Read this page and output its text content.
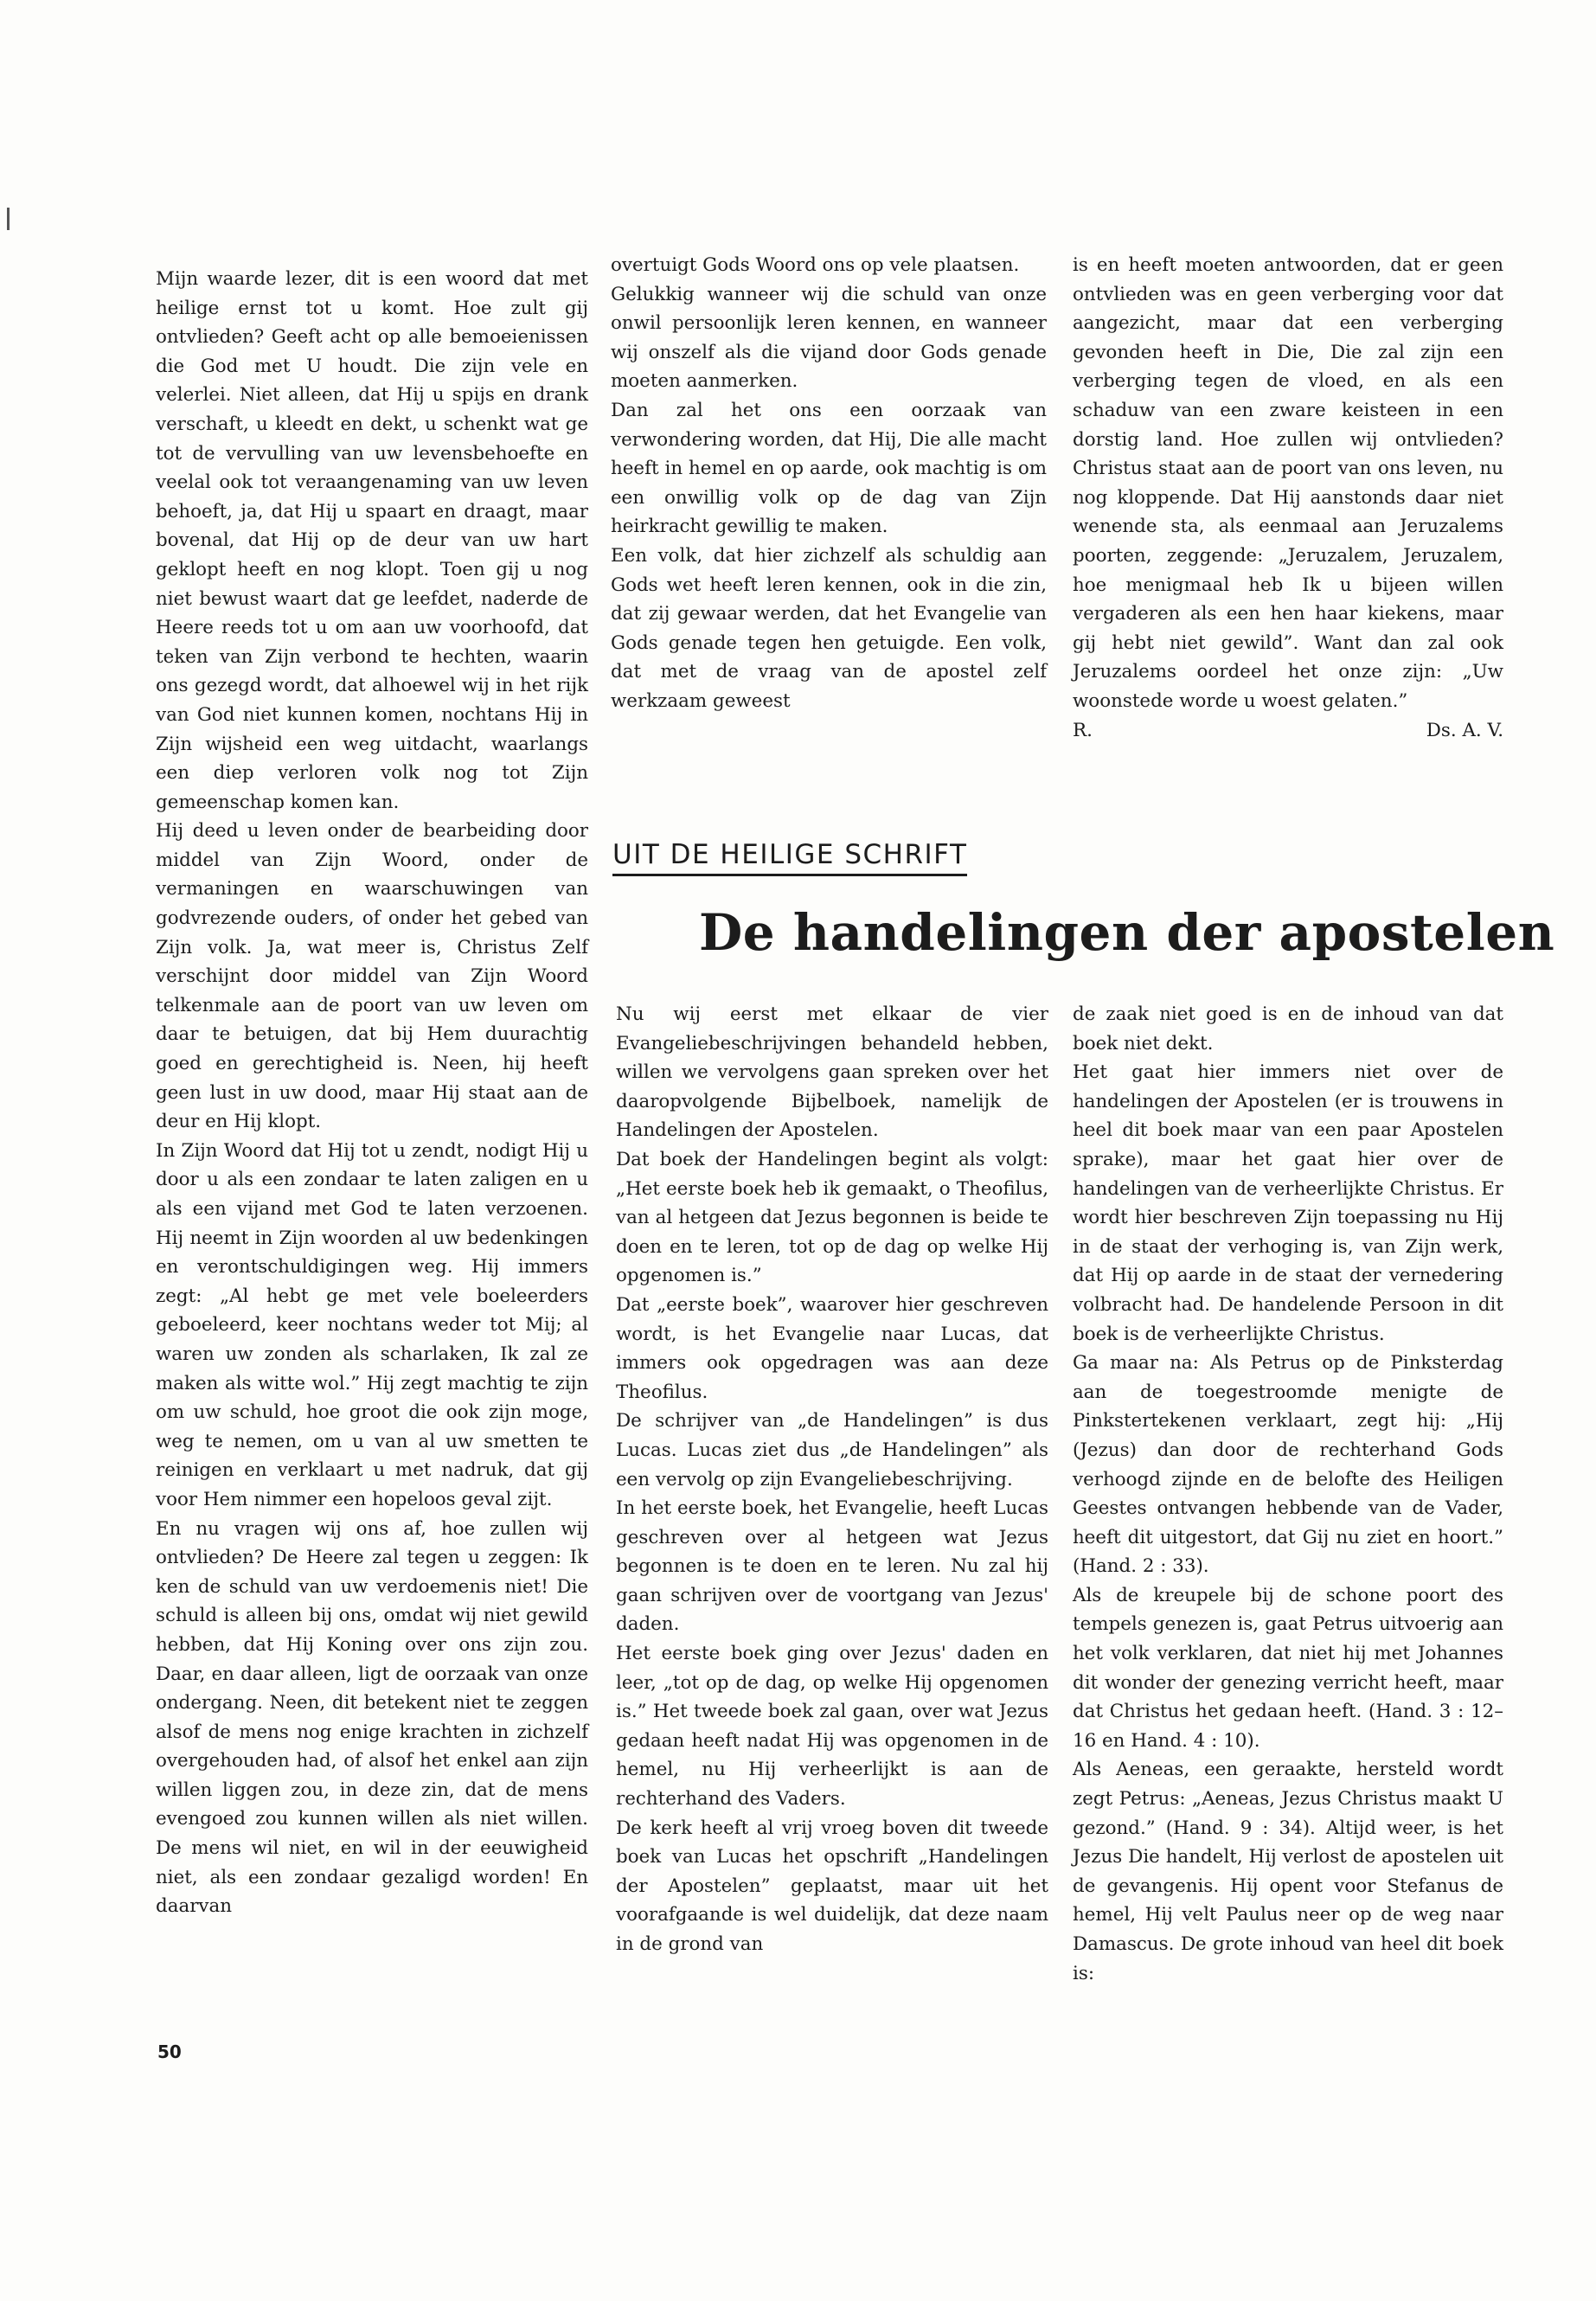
Mijn waarde lezer, dit is een woord dat met heilige ernst tot u komt. Hoe zult gij ontvlieden? Geeft acht op alle bemoeienissen die God met U houdt. Die zijn vele en velerlei. Niet alleen, dat Hij u spijs en drank verschaft, u kleedt en dekt, u schenkt wat ge tot de vervulling van uw levensbehoefte en veelal ook tot veraangenaming van uw leven behoeft, ja, dat Hij u spaart en draagt, maar bovenal, dat Hij op de deur van uw hart geklopt heeft en nog klopt. Toen gij u nog niet bewust waart dat ge leefdet, naderde de Heere reeds tot u om aan uw voorhoofd, dat teken van Zijn verbond te hechten, waarin ons gezegd wordt, dat alhoewel wij in het rijk van God niet kunnen komen, nochtans Hij in Zijn wijsheid een weg uitdacht, waarlangs een diep verloren volk nog tot Zijn gemeenschap komen kan.

Hij deed u leven onder de bearbeiding door middel van Zijn Woord, onder de vermaningen en waarschuwingen van godvrezende ouders, of onder het gebed van Zijn volk. Ja, wat meer is, Christus Zelf verschijnt door middel van Zijn Woord telkenmale aan de poort van uw leven om daar te betuigen, dat bij Hem duurachtig goed en gerechtigheid is. Neen, hij heeft geen lust in uw dood, maar Hij staat aan de deur en Hij klopt.

In Zijn Woord dat Hij tot u zendt, nodigt Hij u door u als een zondaar te laten zaligen en u als een vijand met God te laten verzoenen. Hij neemt in Zijn woorden al uw bedenkingen en verontschuldigingen weg. Hij immers zegt: „Al hebt ge met vele boeleerders geboeleerd, keer nochtans weder tot Mij; al waren uw zonden als scharlaken, Ik zal ze maken als witte wol.” Hij zegt machtig te zijn om uw schuld, hoe groot die ook zijn moge, weg te nemen, om u van al uw smetten te reinigen en verklaart u met nadruk, dat gij voor Hem nimmer een hopeloos geval zijt.

En nu vragen wij ons af, hoe zullen wij ontvlieden? De Heere zal tegen u zeggen: Ik ken de schuld van uw verdoemenis niet! Die schuld is alleen bij ons, omdat wij niet gewild hebben, dat Hij Koning over ons zijn zou. Daar, en daar alleen, ligt de oorzaak van onze ondergang. Neen, dit betekent niet te zeggen alsof de mens nog enige krachten in zichzelf overgehouden had, of alsof het enkel aan zijn willen liggen zou, in deze zin, dat de mens evengoed zou kunnen willen als niet willen. De mens wil niet, en wil in der eeuwigheid niet, als een zondaar gezaligd worden! En daarvan

overtuigt Gods Woord ons op vele plaatsen.

Gelukkig wanneer wij die schuld van onze onwil persoonlijk leren kennen, en wanneer wij onszelf als die vijand door Gods genade moeten aanmerken.

Dan zal het ons een oorzaak van verwondering worden, dat Hij, Die alle macht heeft in hemel en op aarde, ook machtig is om een onwillig volk op de dag van Zijn heirkracht gewillig te maken.

Een volk, dat hier zichzelf als schuldig aan Gods wet heeft leren kennen, ook in die zin, dat zij gewaar werden, dat het Evangelie van Gods genade tegen hen getuigde. Een volk, dat met de vraag van de apostel zelf werkzaam geweest

is en heeft moeten antwoorden, dat er geen ontvlieden was en geen verberging voor dat aangezicht, maar dat een verberging gevonden heeft in Die, Die zal zijn een verberging tegen de vloed, en als een schaduw van een zware keisteen in een dorstig land. Hoe zullen wij ontvlieden? Christus staat aan de poort van ons leven, nu nog kloppende. Dat Hij aanstonds daar niet wenende sta, als eenmaal aan Jeruzalems poorten, zeggende: „Jeruzalem, Jeruzalem, hoe menigmaal heb Ik u bijeen willen vergaderen als een hen haar kiekens, maar gij hebt niet gewild”. Want dan zal ook Jeruzalems oordeel het onze zijn: „Uw woonstede worde u woest gelaten.”

R.	Ds. A. V.

UIT DE HEILIGE SCHRIFT
De handelingen der apostelen

Nu wij eerst met elkaar de vier Evangeliebeschrijvingen behandeld hebben, willen we vervolgens gaan spreken over het daaropvolgende Bijbelboek, namelijk de Handelingen der Apostelen.

Dat boek der Handelingen begint als volgt: „Het eerste boek heb ik gemaakt, o Theofilus, van al hetgeen dat Jezus begonnen is beide te doen en te leren, tot op de dag op welke Hij opgenomen is.”

Dat „eerste boek”, waarover hier geschreven wordt, is het Evangelie naar Lucas, dat immers ook opgedragen was aan deze Theofilus.

De schrijver van „de Handelingen” is dus Lucas. Lucas ziet dus „de Handelingen” als een vervolg op zijn Evangeliebeschrijving.

In het eerste boek, het Evangelie, heeft Lucas geschreven over al hetgeen wat Jezus begonnen is te doen en te leren. Nu zal hij gaan schrijven over de voortgang van Jezus' daden.

Het eerste boek ging over Jezus' daden en leer, „tot op de dag, op welke Hij opgenomen is.” Het tweede boek zal gaan, over wat Jezus gedaan heeft nadat Hij was opgenomen in de hemel, nu Hij verheerlijkt is aan de rechterhand des Vaders.

De kerk heeft al vrij vroeg boven dit tweede boek van Lucas het opschrift „Handelingen der Apostelen” geplaatst, maar uit het voorafgaande is wel duidelijk, dat deze naam in de grond van

de zaak niet goed is en de inhoud van dat boek niet dekt.

Het gaat hier immers niet over de handelingen der Apostelen (er is trouwens in heel dit boek maar van een paar Apostelen sprake), maar het gaat hier over de handelingen van de verheerlijkte Christus. Er wordt hier beschreven Zijn toepassing nu Hij in de staat der verhoging is, van Zijn werk, dat Hij op aarde in de staat der vernedering volbracht had. De handelende Persoon in dit boek is de verheerlijkte Christus.

Ga maar na: Als Petrus op de Pinksterdag aan de toegestroomde menigte de Pinkstertekenen verklaart, zegt hij: „Hij (Jezus) dan door de rechterhand Gods verhoogd zijnde en de belofte des Heiligen Geestes ontvangen hebbende van de Vader, heeft dit uitgestort, dat Gij nu ziet en hoort.” (Hand. 2 : 33).

Als de kreupele bij de schone poort des tempels genezen is, gaat Petrus uitvoerig aan het volk verklaren, dat niet hij met Johannes dit wonder der genezing verricht heeft, maar dat Christus het gedaan heeft. (Hand. 3 : 12–16 en Hand. 4 : 10).

Als Aeneas, een geraakte, hersteld wordt zegt Petrus: „Aeneas, Jezus Christus maakt U gezond.” (Hand. 9 : 34). Altijd weer, is het Jezus Die handelt, Hij verlost de apostelen uit de gevangenis. Hij opent voor Stefanus de hemel, Hij velt Paulus neer op de weg naar Damascus. De grote inhoud van heel dit boek is:

50
